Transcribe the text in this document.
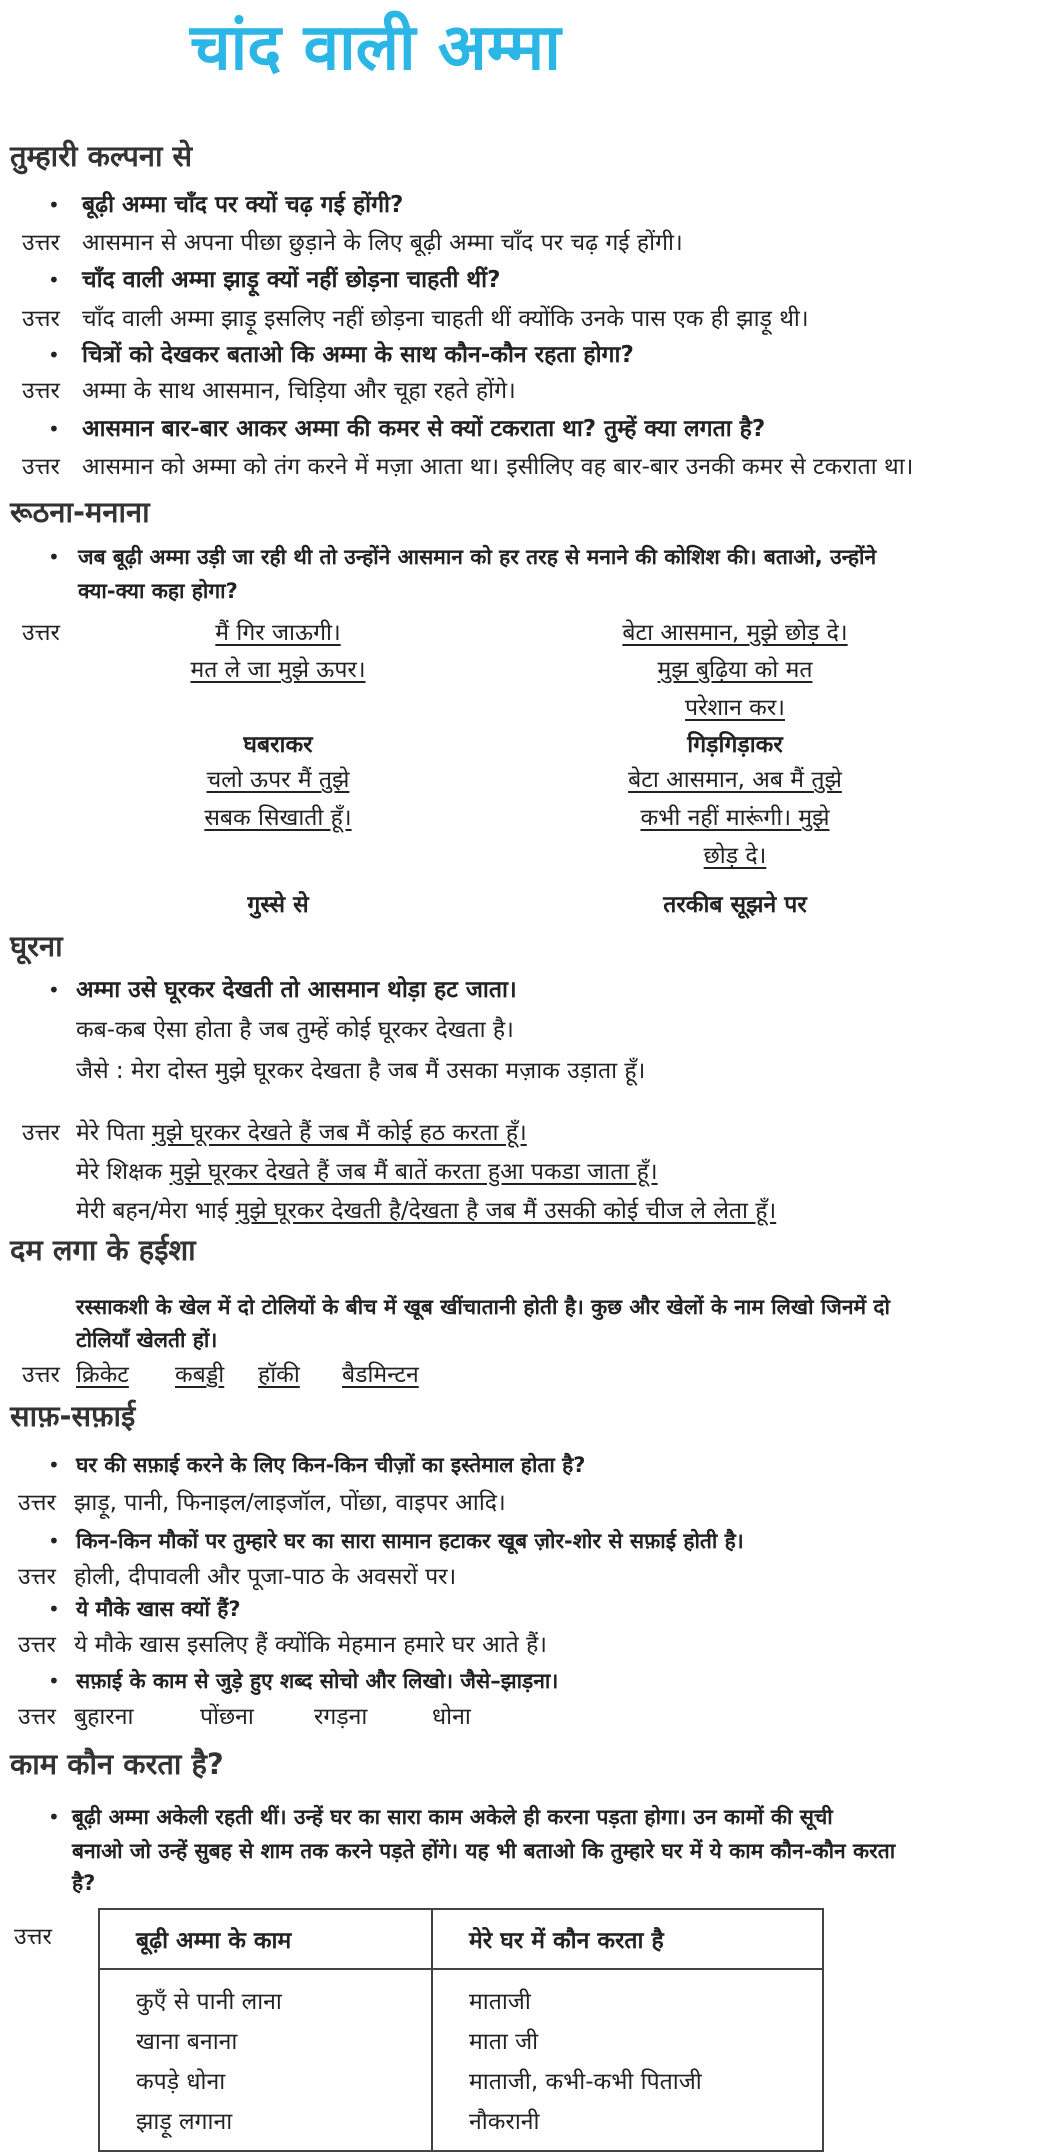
चांद वाली अम्मा
तुम्हारी कल्पना से
• बूढ़ी अम्मा चाँद पर क्यों चढ़ गई होंगी?
उत्तर आसमान से अपना पीछा छुड़ाने के लिए बूढ़ी अम्मा चाँद पर चढ़ गई होंगी।
• चाँद वाली अम्मा झाड़ू क्यों नहीं छोड़ना चाहती थीं?
उत्तर चाँद वाली अम्मा झाड़ू इसलिए नहीं छोड़ना चाहती थीं क्योंकि उनके पास एक ही झाड़ू थी।
• चित्रों को देखकर बताओ कि अम्मा के साथ कौन-कौन रहता होगा?
उत्तर अम्मा के साथ आसमान, चिड़िया और चूहा रहते होंगे।
• आसमान बार-बार आकर अम्मा की कमर से क्यों टकराता था? तुम्हें क्या लगता है?
उत्तर आसमान को अम्मा को तंग करने में मज़ा आता था। इसीलिए वह बार-बार उनकी कमर से टकराता था।
रूठना-मनाना
• जब बूढ़ी अम्मा उड़ी जा रही थी तो उन्होंने आसमान को हर तरह से मनाने की कोशिश की। बताओ, उन्होंने
क्या-क्या कहा होगा?
उत्तर	मैं गिर जाऊगी।
मत ले जा मुझे ऊपर।
घबराकर
बेटा आसमान, मुझे छोड़ दे।
मुझ बुढ़िया को मत
परेशान कर।
गिड़गिड़ाकर
चलो ऊपर मैं तुझे
सबक सिखाती हूँ।
गुस्से से
बेटा आसमान, अब मैं तुझे
कभी नहीं मारूंगी। मुझे
छोड़ दे।
तरकीब सूझने पर
घूरना
• अम्मा उसे घूरकर देखती तो आसमान थोड़ा हट जाता।
कब-कब ऐसा होता है जब तुम्हें कोई घूरकर देखता है।
जैसे : मेरा दोस्त मुझे घूरकर देखता है जब मैं उसका मज़ाक उड़ाता हूँ।
उत्तर मेरे पिता मुझे घूरकर देखते हैं जब मैं कोई हठ करता हूँ।
मेरे शिक्षक मुझे घूरकर देखते हैं जब मैं बातें करता हुआ पकडा जाता हूँ।
मेरी बहन/मेरा भाई मुझे घूरकर देखती है/देखता है जब मैं उसकी कोई चीज ले लेता हूँ।
दम लगा के हईशा
रस्साकशी के खेल में दो टोलियों के बीच में खूब खींचातानी होती है। कुछ और खेलों के नाम लिखो जिनमें दो
टोलियाँ खेलती हों।
उत्तर क्रिकेट कबड्डी हॉकी बैडमिन्टन
साफ़-सफ़ाई
• घर की सफ़ाई करने के लिए किन-किन चीज़ों का इस्तेमाल होता है?
उत्तर झाड़ू, पानी, फिनाइल/लाइजॉल, पोंछा, वाइपर आदि।
• किन-किन मौकों पर तुम्हारे घर का सारा सामान हटाकर खूब ज़ोर-शोर से सफ़ाई होती है।
उत्तर होली, दीपावली और पूजा-पाठ के अवसरों पर।
• ये मौके खास क्यों हैं?
उत्तर ये मौके खास इसलिए हैं क्योंकि मेहमान हमारे घर आते हैं।
• सफ़ाई के काम से जुड़े हुए शब्द सोचो और लिखो। जैसे–झाड़ना।
उत्तर बुहारना	पोंछना	रगड़ना	धोना
काम कौन करता है?
• बूढ़ी अम्मा अकेली रहती थीं। उन्हें घर का सारा काम अकेले ही करना पड़ता होगा। उन कामों की सूची
बनाओ जो उन्हें सुबह से शाम तक करने पड़ते होंगे। यह भी बताओ कि तुम्हारे घर में ये काम कौन-कौन करता
है?
उत्तर	बूढ़ी अम्मा के काम	मेरे घर में कौन करता है
कुएँ से पानी लाना	माताजी
खाना बनाना	माता जी
कपड़े धोना	माताजी, कभी-कभी पिताजी
झाड़ू लगाना	नौकरानी
